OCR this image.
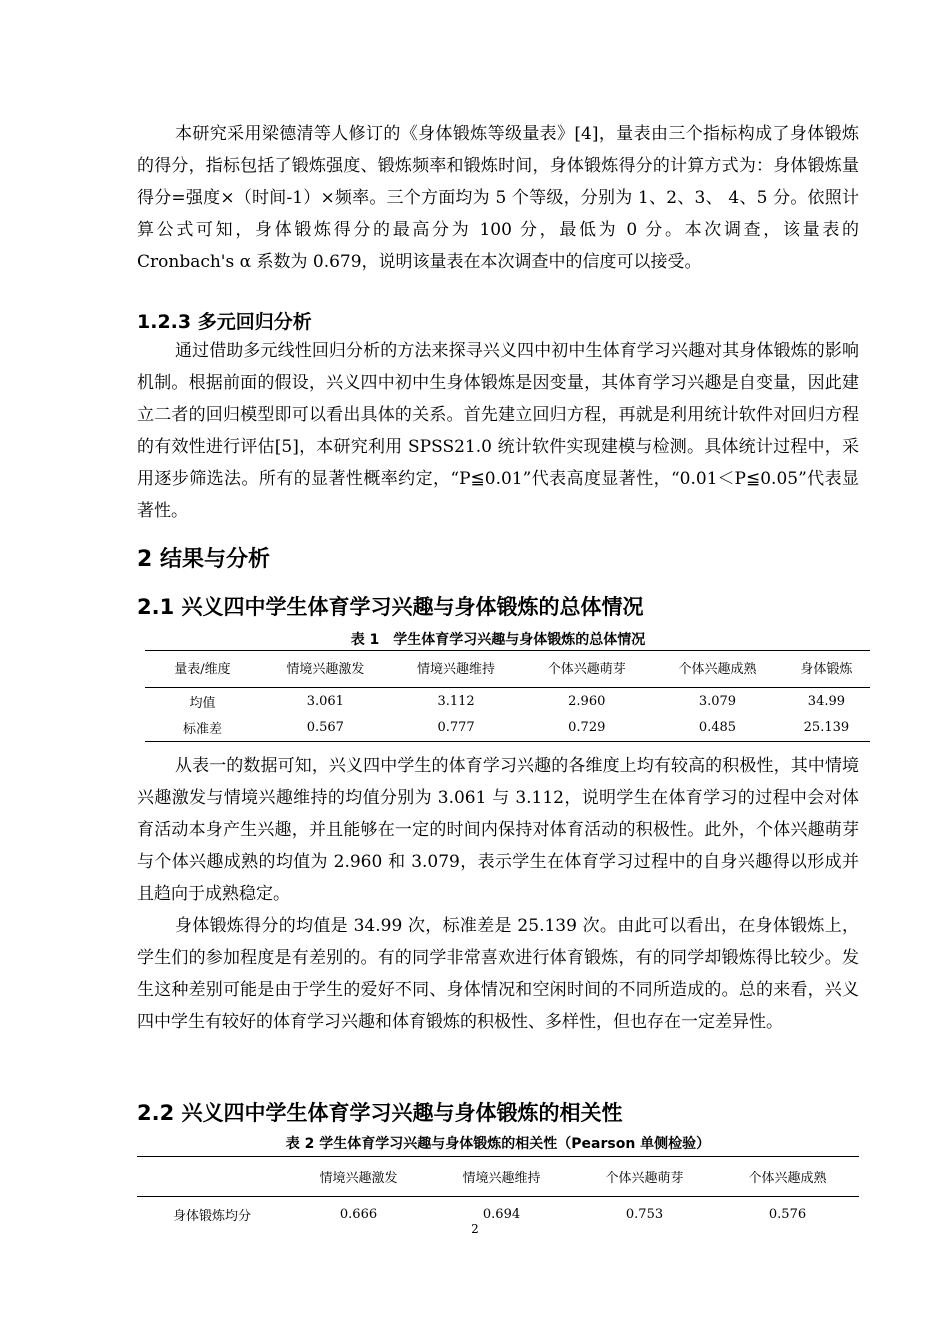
本研究采用梁德清等人修订的《身体锻炼等级量表》[4]，量表由三个指标构成了身体锻炼的得分，指标包括了锻炼强度、锻炼频率和锻炼时间，身体锻炼得分的计算方式为：身体锻炼量得分=强度×（时间-1）×频率。三个方面均为 5 个等级，分别为 1、2、3、 4、5 分。依照计算公式可知，身体锻炼得分的最高分为 100 分，最低为 0 分。本次调查，该量表的 Cronbach's α 系数为 0.679，说明该量表在本次调查中的信度可以接受。

1.2.3 多元回归分析

通过借助多元线性回归分析的方法来探寻兴义四中初中生体育学习兴趣对其身体锻炼的影响机制。根据前面的假设，兴义四中初中生身体锻炼是因变量，其体育学习兴趣是自变量，因此建立二者的回归模型即可以看出具体的关系。首先建立回归方程，再就是利用统计软件对回归方程的有效性进行评估[5]，本研究利用 SPSS21.0 统计软件实现建模与检测。具体统计过程中，采用逐步筛选法。所有的显著性概率约定，“P≦0.01”代表高度显著性，“0.01＜P≦0.05”代表显著性。

2 结果与分析
2.1 兴义四中学生体育学习兴趣与身体锻炼的总体情况

表 1　学生体育学习兴趣与身体锻炼的总体情况

量表/维度	情境兴趣激发	情境兴趣维持	个体兴趣萌芽	个体兴趣成熟	身体锻炼
均值	3.061	3.112	2.960	3.079	34.99
标准差	0.567	0.777	0.729	0.485	25.139

从表一的数据可知，兴义四中学生的体育学习兴趣的各维度上均有较高的积极性，其中情境兴趣激发与情境兴趣维持的均值分别为 3.061 与 3.112，说明学生在体育学习的过程中会对体育活动本身产生兴趣，并且能够在一定的时间内保持对体育活动的积极性。此外，个体兴趣萌芽与个体兴趣成熟的均值为 2.960 和 3.079，表示学生在体育学习过程中的自身兴趣得以形成并且趋向于成熟稳定。

身体锻炼得分的均值是 34.99 次，标准差是 25.139 次。由此可以看出，在身体锻炼上，学生们的参加程度是有差别的。有的同学非常喜欢进行体育锻炼，有的同学却锻炼得比较少。发生这种差别可能是由于学生的爱好不同、身体情况和空闲时间的不同所造成的。总的来看，兴义四中学生有较好的体育学习兴趣和体育锻炼的积极性、多样性，但也存在一定差异性。

2.2 兴义四中学生体育学习兴趣与身体锻炼的相关性

表 2 学生体育学习兴趣与身体锻炼的相关性（Pearson 单侧检验）

	情境兴趣激发	情境兴趣维持	个体兴趣萌芽	个体兴趣成熟
身体锻炼均分	0.666	0.694	0.753	0.576
2
